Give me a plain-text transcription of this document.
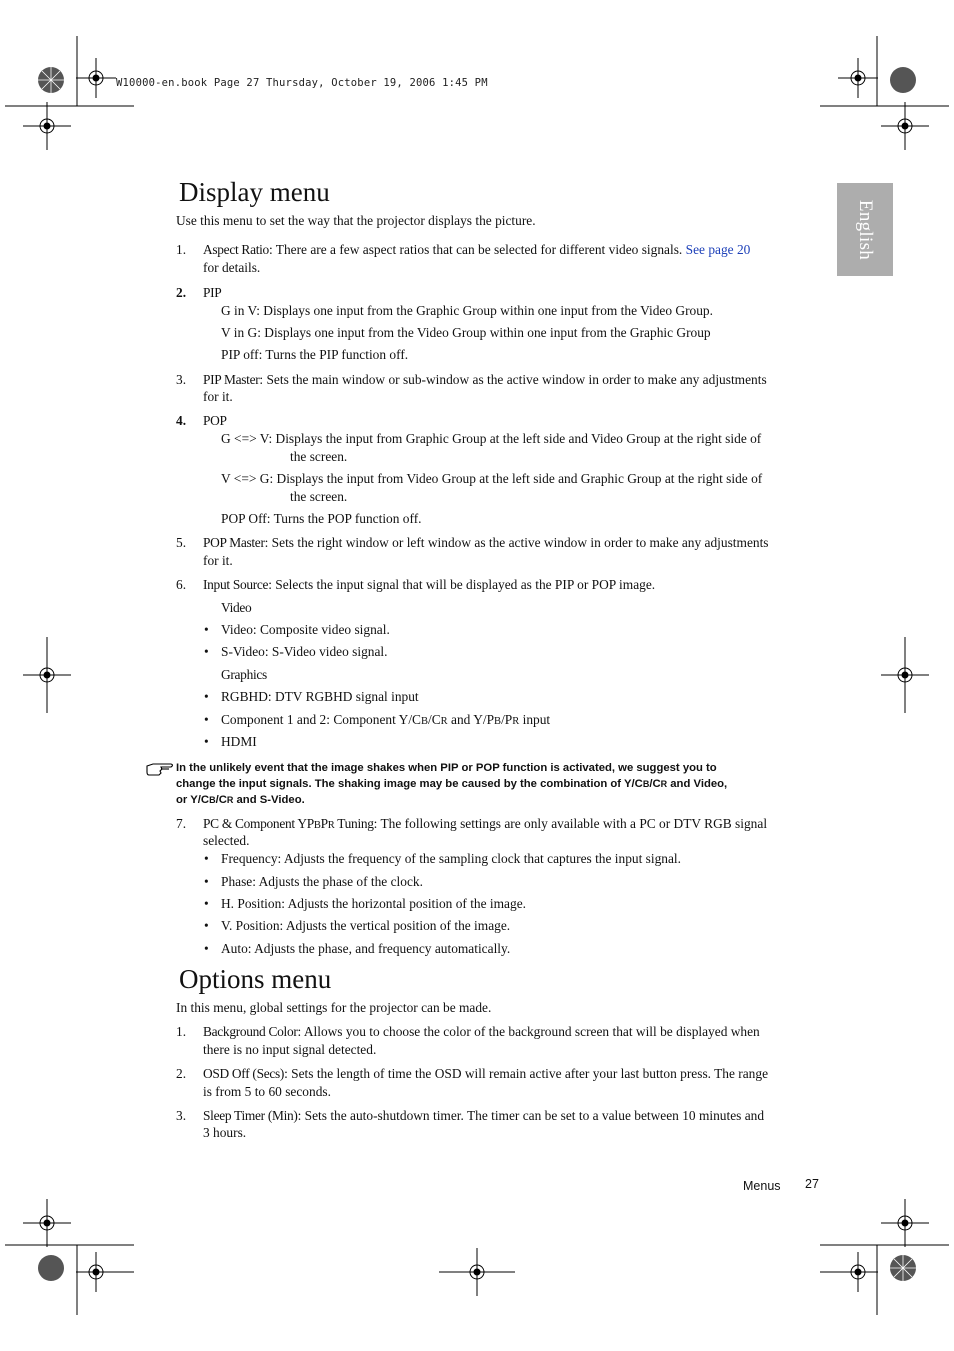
W10000-en.book Page 27 Thursday, October 19, 2006 1:45 PM
English
Display menu
Use this menu to set the way that the projector displays the picture.
1. Aspect Ratio: There are a few aspect ratios that can be selected for different video signals. See page 20
for details.
2. PIP
G in V: Displays one input from the Graphic Group within one input from the Video Group.
V in G: Displays one input from the Video Group within one input from the Graphic Group
PIP off: Turns the PIP function off.
3. PIP Master: Sets the main window or sub-window as the active window in order to make any adjustments
for it.
4. POP
G <=> V: Displays the input from Graphic Group at the left side and Video Group at the right side of
the screen.
V <=> G: Displays the input from Video Group at the left side and Graphic Group at the right side of
the screen.
POP Off: Turns the POP function off.
5. POP Master: Sets the right window or left window as the active window in order to make any adjustments
for it.
6. Input Source: Selects the input signal that will be displayed as the PIP or POP image.
Video
• Video: Composite video signal.
• S-Video: S-Video video signal.
Graphics
• RGBHD: DTV RGBHD signal input
• Component 1 and 2: Component Y/CB/CR and Y/PB/PR input
• HDMI
In the unlikely event that the image shakes when PIP or POP function is activated, we suggest you to
change the input signals. The shaking image may be caused by the combination of Y/CB/CR and Video,
or Y/CB/CR and S-Video.
7. PC & Component YPBPR Tuning: The following settings are only available with a PC or DTV RGB signal
selected.
• Frequency: Adjusts the frequency of the sampling clock that captures the input signal.
• Phase: Adjusts the phase of the clock.
• H. Position: Adjusts the horizontal position of the image.
• V. Position: Adjusts the vertical position of the image.
• Auto: Adjusts the phase, and frequency automatically.
Options menu
In this menu, global settings for the projector can be made.
1. Background Color: Allows you to choose the color of the background screen that will be displayed when
there is no input signal detected.
2. OSD Off (Secs): Sets the length of time the OSD will remain active after your last button press. The range
is from 5 to 60 seconds.
3. Sleep Timer (Min): Sets the auto-shutdown timer. The timer can be set to a value between 10 minutes and
3 hours.
Menus 27
